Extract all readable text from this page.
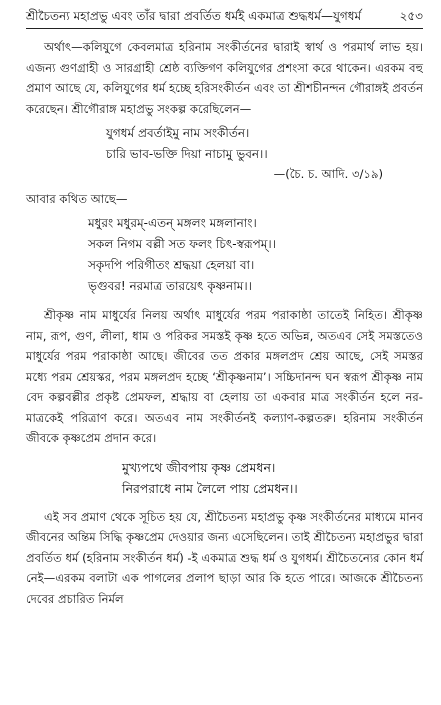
শ্রীচৈতন্য মহাপ্রভু এবং তাঁর দ্বারা প্রবর্তিত ধর্মই একমাত্র শুদ্ধধর্ম—যুগধর্ম	২৫৩

অর্থাৎ—কলিযুগে কেবলমাত্র হরিনাম সংকীর্তনের দ্বারাই স্বার্থ ও পরমার্থ লাভ হয়। এজন্য গুণগ্রাহী ও সারগ্রাহী শ্রেষ্ঠ ব্যক্তিগণ কলিযুগের প্রশংসা করে থাকেন। এরকম বহু প্রমাণ আছে যে, কলিযুগের ধর্ম হচ্ছে হরিসংকীর্তন এবং তা শ্রীশচীনন্দন গৌরাঙ্গই প্রবর্তন করেছেন। শ্রীগৌরাঙ্গ মহাপ্রভু সংকল্প করেছিলেন—

যুগধর্ম প্রবর্তাইমু নাম সংকীর্তন।
চারি ভাব-ভক্তি দিয়া নাচামু ভুবন।।
—(চৈ. চ. আদি. ৩/১৯)

আবার কথিত আছে—

মধুরং মধুরম্‌-এতন্‌ মঙ্গলং মঙ্গলানাং।
সকল নিগম বল্লী সত ফলং চিৎ-স্বরূপম্‌।।
সকৃদপি পরিগীতং শ্রদ্ধয়া হেলয়া বা।
ভৃগুবর! নরমাত্র তারয়েৎ কৃষ্ণনাম।।

শ্রীকৃষ্ণ নাম মাধুর্যের নিলয় অর্থাৎ মাধুর্যের পরম পরাকাষ্ঠা তাতেই নিহিত। শ্রীকৃষ্ণ নাম, রূপ, গুণ, লীলা, ধাম ও পরিকর সমস্তই কৃষ্ণ হতে অভিন্ন, অতএব সেই সমস্ততেও মাধুর্যের পরম পরাকাষ্ঠা আছে। জীবের তত প্রকার মঙ্গলপ্রদ শ্রেয় আছে, সেই সমস্তর মধ্যে পরম শ্রেয়স্কর, পরম মঙ্গলপ্রদ হচ্ছে ‘শ্রীকৃষ্ণনাম’। সচ্চিদানন্দ ঘন স্বরূপ শ্রীকৃষ্ণ নাম বেদ কল্পবল্লীর প্রকৃষ্ট প্রেমফল, শ্রদ্ধায় বা হেলায় তা একবার মাত্র সংকীর্তন হলে নর-মাত্রকেই পরিত্রাণ করে। অতএব নাম সংকীর্তনই কল্যাণ-কল্পতরু। হরিনাম সংকীর্তন জীবকে কৃষ্ণপ্রেম প্রদান করে।

মুখ্যপথে জীবপায় কৃষ্ণ প্রেমধন।
নিরপরাধে নাম লৈলে পায় প্রেমধন।।

এই সব প্রমাণ থেকে সূচিত হয় যে, শ্রীচৈতন্য মহাপ্রভু কৃষ্ণ সংকীর্তনের মাধ্যমে মানব জীবনের অন্তিম সিদ্ধি কৃষ্ণপ্রেম দেওয়ার জন্য এসেছিলেন। তাই শ্রীচৈতন্য মহাপ্রভুর দ্বারা প্রবর্তিত ধর্ম (হরিনাম সংকীর্তন ধর্ম) -ই একমাত্র শুদ্ধ ধর্ম ও যুগধর্ম। শ্রীচৈতন্যের কোন ধর্ম নেই—এরকম বলাটা এক পাগলের প্রলাপ ছাড়া আর কি হতে পারে। আজকে শ্রীচৈতন্য দেবের প্রচারিত নির্মল
